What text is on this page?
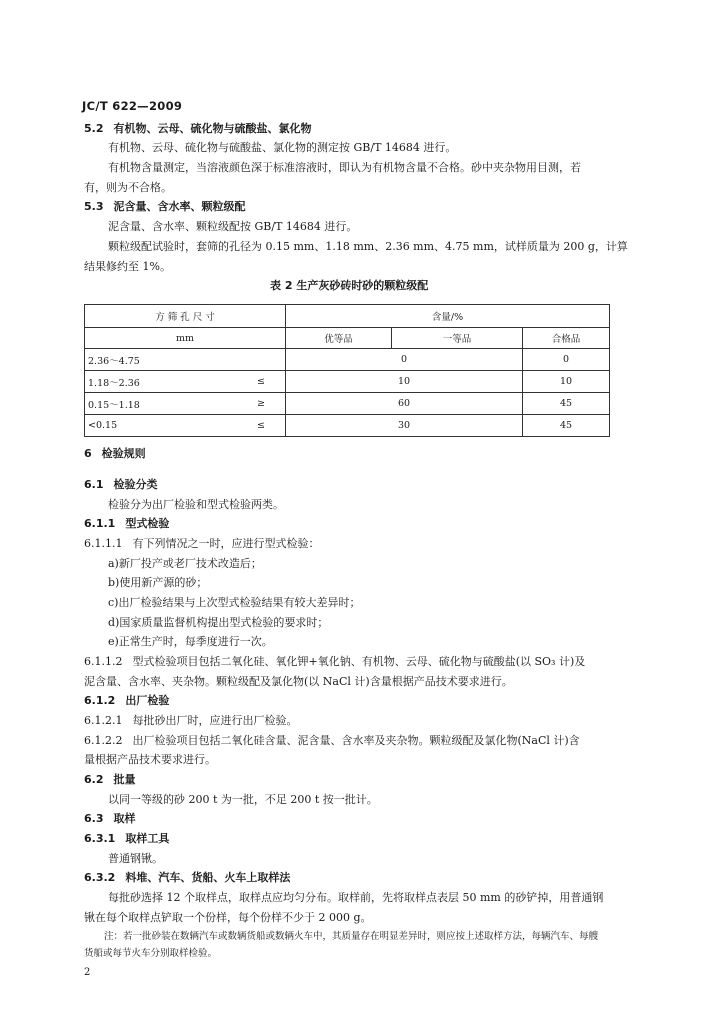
JC/T 622—2009
5.2 有机物、云母、硫化物与硫酸盐、氯化物
有机物、云母、硫化物与硫酸盐、氯化物的测定按 GB/T 14684 进行。
有机物含量测定，当溶液颜色深于标准溶液时，即认为有机物含量不合格。砂中夹杂物用目测，若
有，则为不合格。
5.3 泥含量、含水率、颗粒级配
泥含量、含水率、颗粒级配按 GB/T 14684 进行。
颗粒级配试验时，套筛的孔径为 0.15 mm、1.18 mm、2.36 mm、4.75 mm，试样质量为 200 g，计算
结果修约至 1%。
6 检验规则
6.1 检验分类
检验分为出厂检验和型式检验两类。
6.1.1 型式检验
6.1.1.1 有下列情况之一时，应进行型式检验：
a)新厂投产或老厂技术改造后；
b)使用新产源的砂；
c)出厂检验结果与上次型式检验结果有较大差异时；
d)国家质量监督机构提出型式检验的要求时；
e)正常生产时，每季度进行一次。
6.1.1.2 型式检验项目包括二氧化硅、氧化钾+氧化钠、有机物、云母、硫化物与硫酸盐(以 SO₃ 计)及
泥含量、含水率、夹杂物。颗粒级配及氯化物(以 NaCl 计)含量根据产品技术要求进行。
6.1.2 出厂检验
6.1.2.1 每批砂出厂时，应进行出厂检验。
6.1.2.2 出厂检验项目包括二氧化硅含量、泥含量、含水率及夹杂物。颗粒级配及氯化物(NaCl 计)含
量根据产品技术要求进行。
6.2 批量
以同一等级的砂 200 t 为一批，不足 200 t 按一批计。
6.3 取样
6.3.1 取样工具
普通钢锹。
6.3.2 料堆、汽车、货船、火车上取样法
每批砂选择 12 个取样点，取样点应均匀分布。取样前，先将取样点表层 50 mm 的砂铲掉，用普通钢
锹在每个取样点铲取一个份样，每个份样不少于 2 000 g。
表 2 生产灰砂砖时砂的颗粒级配
方 筛 孔 尺 寸		含量/%		
mm		优等品	一等品	合格品
2.36～4.75		0		0
1.18～2.36	≤	10		10
0.15～1.18	≥	60		45
<0.15	≤	30		45
注：若一批砂装在数辆汽车或数辆货船或数辆火车中，其质量存在明显差异时，则应按上述取样方法，每辆汽车、每艘
货船或每节火车分别取样检验。
2
